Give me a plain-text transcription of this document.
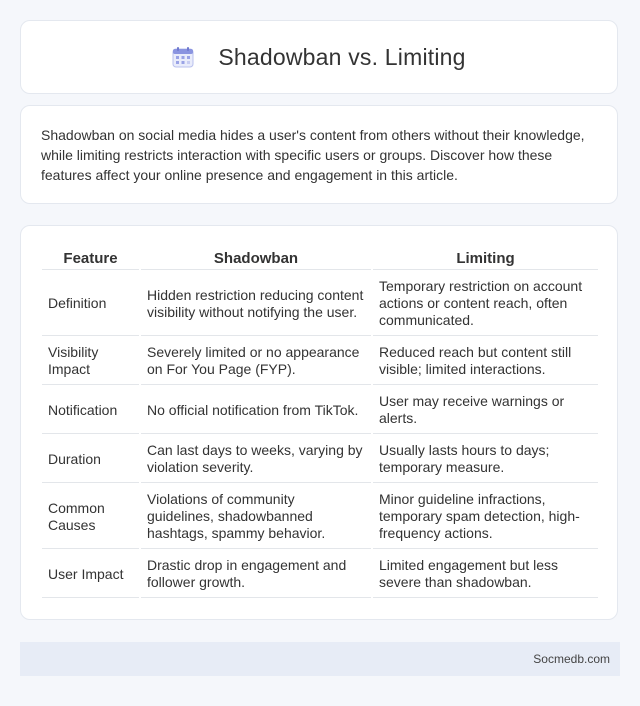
Shadowban vs. Limiting

Shadowban on social media hides a user's content from others without their knowledge, while limiting restricts interaction with specific users or groups. Discover how these features affect your online presence and engagement in this article.

Feature	Shadowban	Limiting
Definition	Hidden restriction reducing content visibility without notifying the user.	Temporary restriction on account actions or content reach, often communicated.
Visibility Impact	Severely limited or no appearance on For You Page (FYP).	Reduced reach but content still visible; limited interactions.
Notification	No official notification from TikTok.	User may receive warnings or alerts.
Duration	Can last days to weeks, varying by violation severity.	Usually lasts hours to days; temporary measure.
Common Causes	Violations of community guidelines, shadowbanned hashtags, spammy behavior.	Minor guideline infractions, temporary spam detection, high-frequency actions.
User Impact	Drastic drop in engagement and follower growth.	Limited engagement but less severe than shadowban.
Socmedb.com
